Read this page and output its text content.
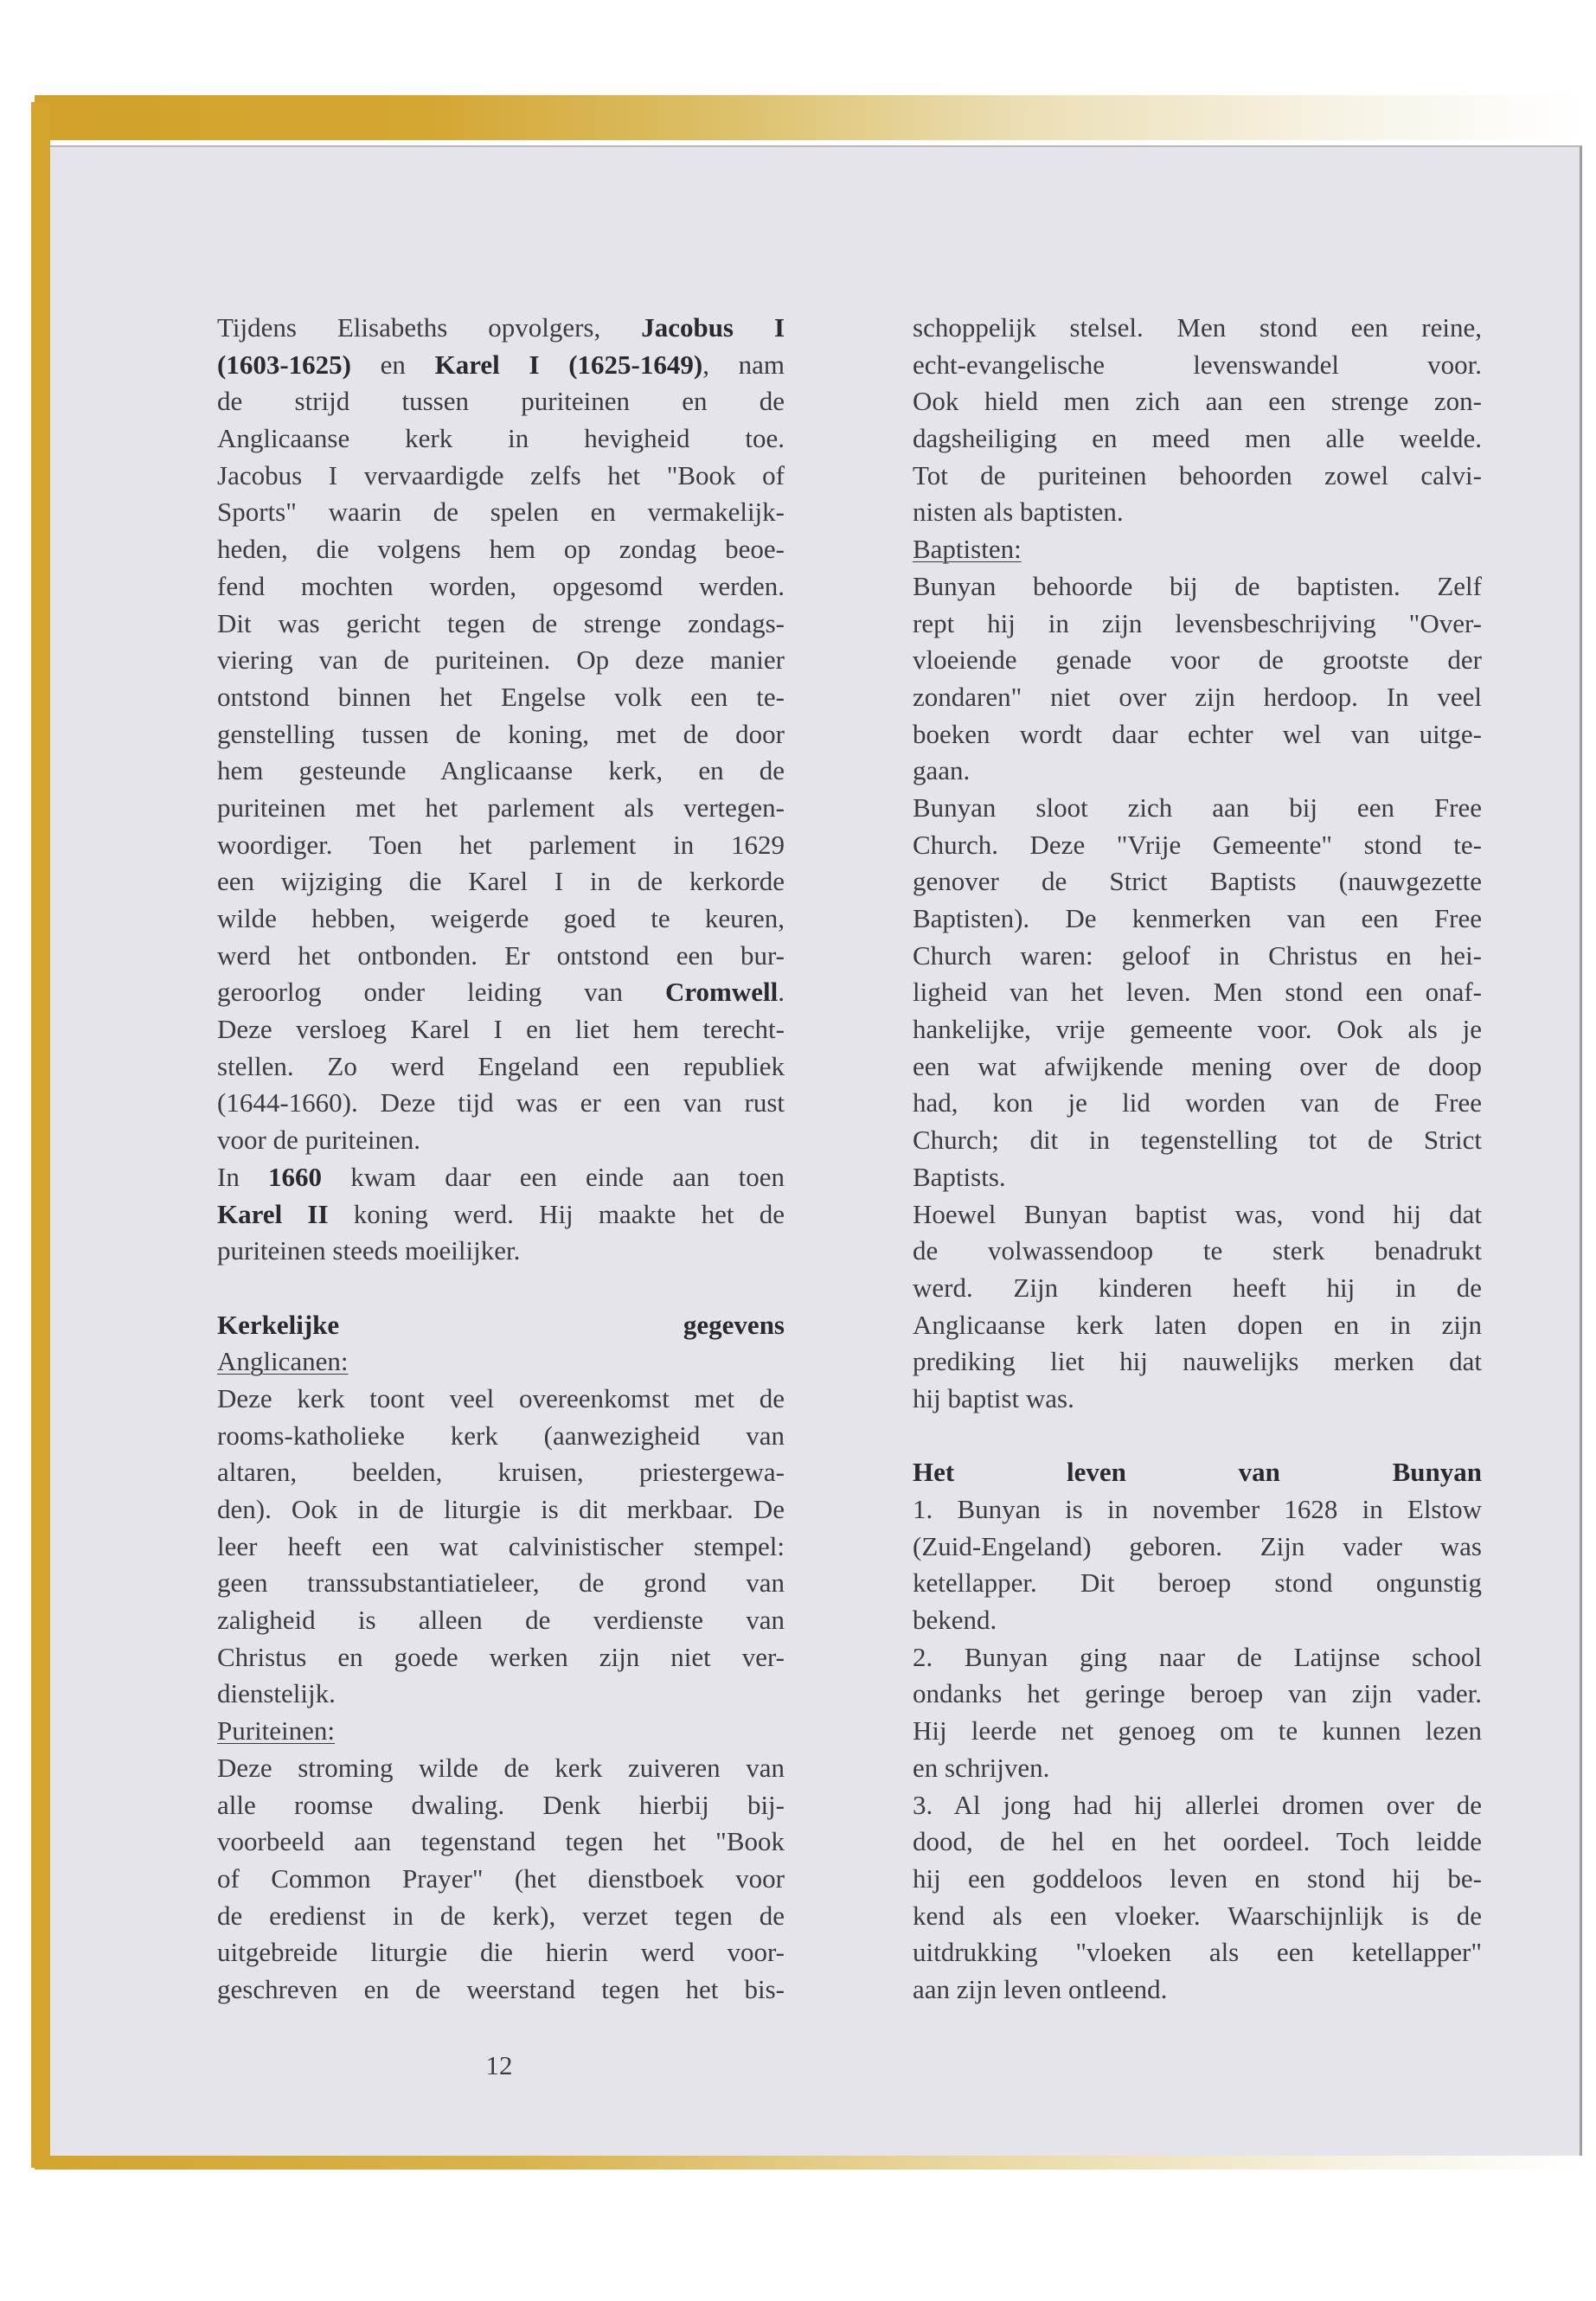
Tijdens Elisabeths opvolgers, Jacobus I
(1603-1625) en Karel I (1625-1649), nam
de strijd tussen puriteinen en de
Anglicaanse kerk in hevigheid toe.
Jacobus I vervaardigde zelfs het "Book of
Sports" waarin de spelen en vermakelijk-
heden, die volgens hem op zondag beoe-
fend mochten worden, opgesomd werden.
Dit was gericht tegen de strenge zondags-
viering van de puriteinen. Op deze manier
ontstond binnen het Engelse volk een te-
genstelling tussen de koning, met de door
hem gesteunde Anglicaanse kerk, en de
puriteinen met het parlement als vertegen-
woordiger. Toen het parlement in 1629
een wijziging die Karel I in de kerkorde
wilde hebben, weigerde goed te keuren,
werd het ontbonden. Er ontstond een bur-
geroorlog onder leiding van Cromwell.
Deze versloeg Karel I en liet hem terecht-
stellen. Zo werd Engeland een republiek
(1644-1660). Deze tijd was er een van rust
voor de puriteinen.
In 1660 kwam daar een einde aan toen
Karel II koning werd. Hij maakte het de
puriteinen steeds moeilijker.
Kerkelijke gegevens
Anglicanen:
Deze kerk toont veel overeenkomst met de
rooms-katholieke kerk (aanwezigheid van
altaren, beelden, kruisen, priestergewa-
den). Ook in de liturgie is dit merkbaar. De
leer heeft een wat calvinistischer stempel:
geen transsubstantiatieleer, de grond van
zaligheid is alleen de verdienste van
Christus en goede werken zijn niet ver-
dienstelijk.
Puriteinen:
Deze stroming wilde de kerk zuiveren van
alle roomse dwaling. Denk hierbij bij-
voorbeeld aan tegenstand tegen het "Book
of Common Prayer" (het dienstboek voor
de eredienst in de kerk), verzet tegen de
uitgebreide liturgie die hierin werd voor-
geschreven en de weerstand tegen het bis-
schoppelijk stelsel. Men stond een reine,
echt-evangelische levenswandel voor.
Ook hield men zich aan een strenge zon-
dagsheiliging en meed men alle weelde.
Tot de puriteinen behoorden zowel calvi-
nisten als baptisten.
Baptisten:
Bunyan behoorde bij de baptisten. Zelf
rept hij in zijn levensbeschrijving "Over-
vloeiende genade voor de grootste der
zondaren" niet over zijn herdoop. In veel
boeken wordt daar echter wel van uitge-
gaan.
Bunyan sloot zich aan bij een Free
Church. Deze "Vrije Gemeente" stond te-
genover de Strict Baptists (nauwgezette
Baptisten). De kenmerken van een Free
Church waren: geloof in Christus en hei-
ligheid van het leven. Men stond een onaf-
hankelijke, vrije gemeente voor. Ook als je
een wat afwijkende mening over de doop
had, kon je lid worden van de Free
Church; dit in tegenstelling tot de Strict
Baptists.
Hoewel Bunyan baptist was, vond hij dat
de volwassendoop te sterk benadrukt
werd. Zijn kinderen heeft hij in de
Anglicaanse kerk laten dopen en in zijn
prediking liet hij nauwelijks merken dat
hij baptist was.
Het leven van Bunyan
1. Bunyan is in november 1628 in Elstow
(Zuid-Engeland) geboren. Zijn vader was
ketellapper. Dit beroep stond ongunstig
bekend.
2. Bunyan ging naar de Latijnse school
ondanks het geringe beroep van zijn vader.
Hij leerde net genoeg om te kunnen lezen
en schrijven.
3. Al jong had hij allerlei dromen over de
dood, de hel en het oordeel. Toch leidde
hij een goddeloos leven en stond hij be-
kend als een vloeker. Waarschijnlijk is de
uitdrukking "vloeken als een ketellapper"
aan zijn leven ontleend.
12
